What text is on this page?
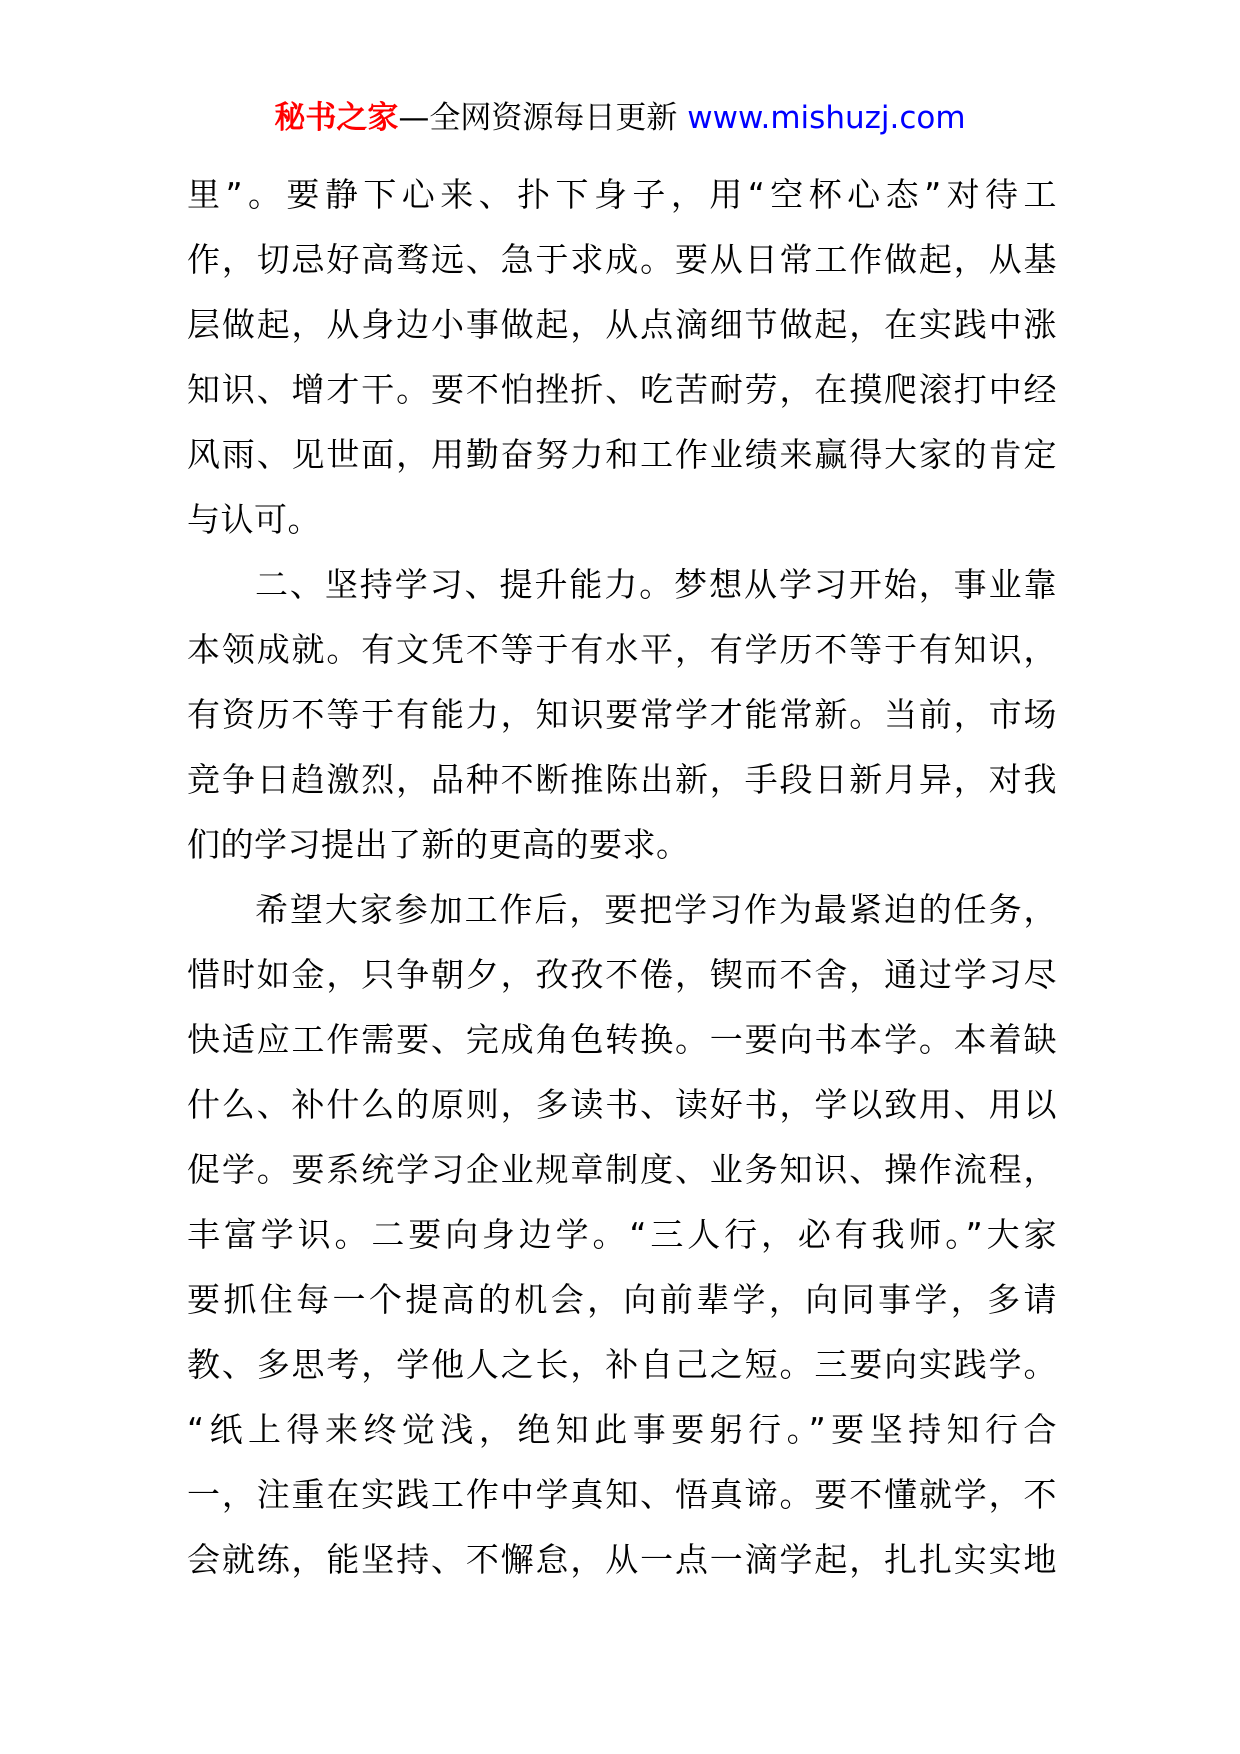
秘书之家—全网资源每日更新 www.mishuzj.com
里”。要静下心来、扑下身子，用“空杯心态”对待工
作，切忌好高骛远、急于求成。要从日常工作做起，从基
层做起，从身边小事做起，从点滴细节做起，在实践中涨
知识、增才干。要不怕挫折、吃苦耐劳，在摸爬滚打中经
风雨、见世面，用勤奋努力和工作业绩来赢得大家的肯定
与认可。
二、坚持学习、提升能力。梦想从学习开始，事业靠
本领成就。有文凭不等于有水平，有学历不等于有知识，
有资历不等于有能力，知识要常学才能常新。当前，市场
竞争日趋激烈，品种不断推陈出新，手段日新月异，对我
们的学习提出了新的更高的要求。
希望大家参加工作后，要把学习作为最紧迫的任务，
惜时如金，只争朝夕，孜孜不倦，锲而不舍，通过学习尽
快适应工作需要、完成角色转换。一要向书本学。本着缺
什么、补什么的原则，多读书、读好书，学以致用、用以
促学。要系统学习企业规章制度、业务知识、操作流程，
丰富学识。二要向身边学。“三人行，必有我师。”大家
要抓住每一个提高的机会，向前辈学，向同事学，多请
教、多思考，学他人之长，补自己之短。三要向实践学。
“纸上得来终觉浅，绝知此事要躬行。”要坚持知行合
一，注重在实践工作中学真知、悟真谛。要不懂就学，不
会就练，能坚持、不懈怠，从一点一滴学起，扎扎实实地
